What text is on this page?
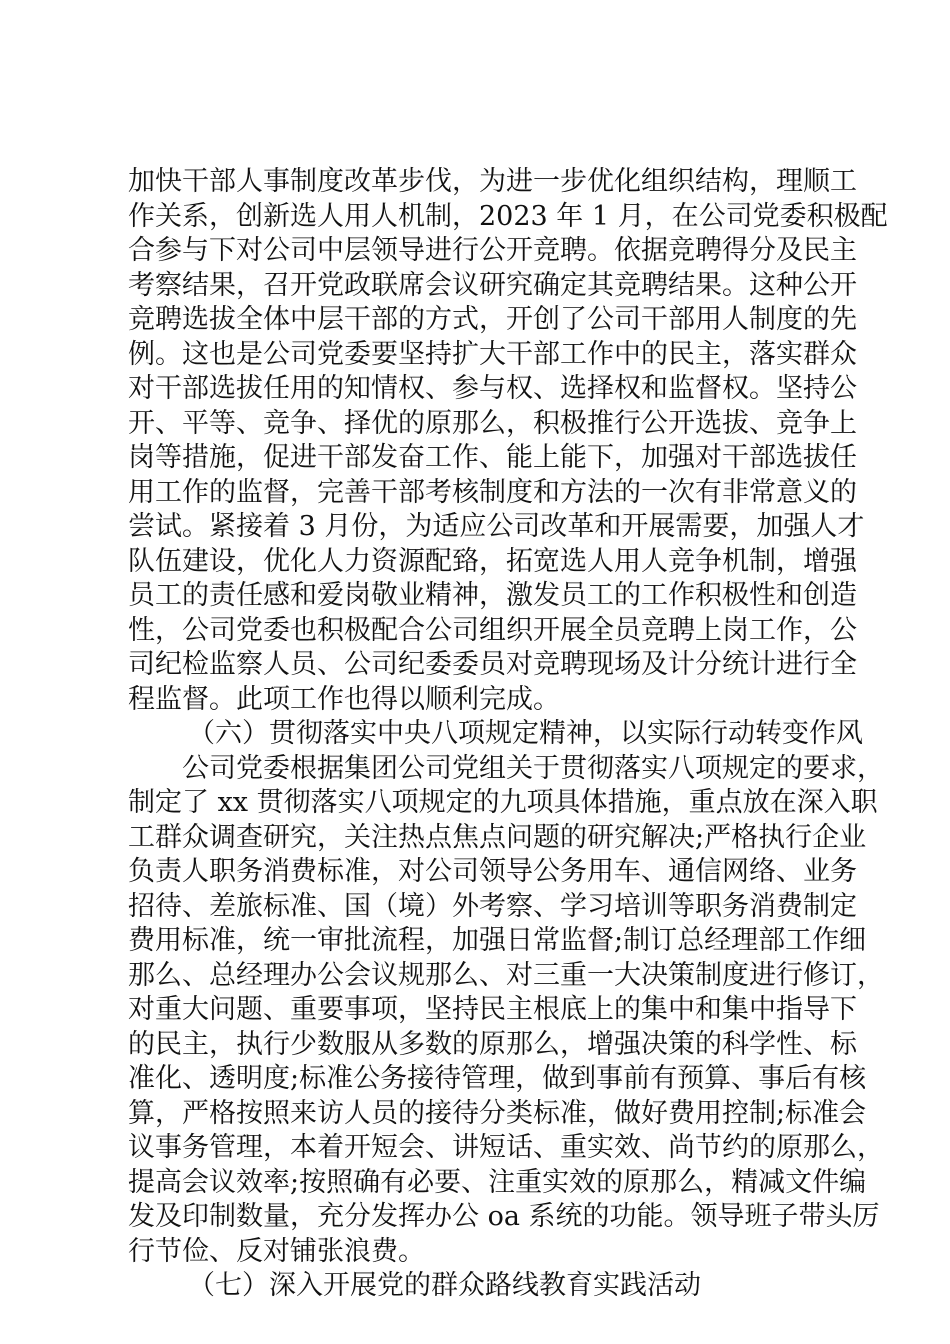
加快干部人事制度改革步伐，为进一步优化组织结构，理顺工
作关系，创新选人用人机制，2023 年 1 月，在公司党委积极配
合参与下对公司中层领导进行公开竞聘。依据竞聘得分及民主
考察结果，召开党政联席会议研究确定其竞聘结果。这种公开
竞聘选拔全体中层干部的方式，开创了公司干部用人制度的先
例。这也是公司党委要坚持扩大干部工作中的民主，落实群众
对干部选拔任用的知情权、参与权、选择权和监督权。坚持公
开、平等、竞争、择优的原那么，积极推行公开选拔、竞争上
岗等措施，促进干部发奋工作、能上能下，加强对干部选拔任
用工作的监督，完善干部考核制度和方法的一次有非常意义的
尝试。紧接着 3 月份，为适应公司改革和开展需要，加强人才
队伍建设，优化人力资源配臵，拓宽选人用人竞争机制，增强
员工的责任感和爱岗敬业精神，激发员工的工作积极性和创造
性，公司党委也积极配合公司组织开展全员竞聘上岗工作，公
司纪检监察人员、公司纪委委员对竞聘现场及计分统计进行全
程监督。此项工作也得以顺利完成。
（六）贯彻落实中央八项规定精神，以实际行动转变作风
公司党委根据集团公司党组关于贯彻落实八项规定的要求，
制定了 xx 贯彻落实八项规定的九项具体措施，重点放在深入职
工群众调查研究，关注热点焦点问题的研究解决;严格执行企业
负责人职务消费标准，对公司领导公务用车、通信网络、业务
招待、差旅标准、国（境）外考察、学习培训等职务消费制定
费用标准，统一审批流程，加强日常监督;制订总经理部工作细
那么、总经理办公会议规那么、对三重一大决策制度进行修订，
对重大问题、重要事项，坚持民主根底上的集中和集中指导下
的民主，执行少数服从多数的原那么，增强决策的科学性、标
准化、透明度;标准公务接待管理，做到事前有预算、事后有核
算，严格按照来访人员的接待分类标准，做好费用控制;标准会
议事务管理，本着开短会、讲短话、重实效、尚节约的原那么，
提高会议效率;按照确有必要、注重实效的原那么，精减文件编
发及印制数量，充分发挥办公 oa 系统的功能。领导班子带头厉
行节俭、反对铺张浪费。
（七）深入开展党的群众路线教育实践活动
